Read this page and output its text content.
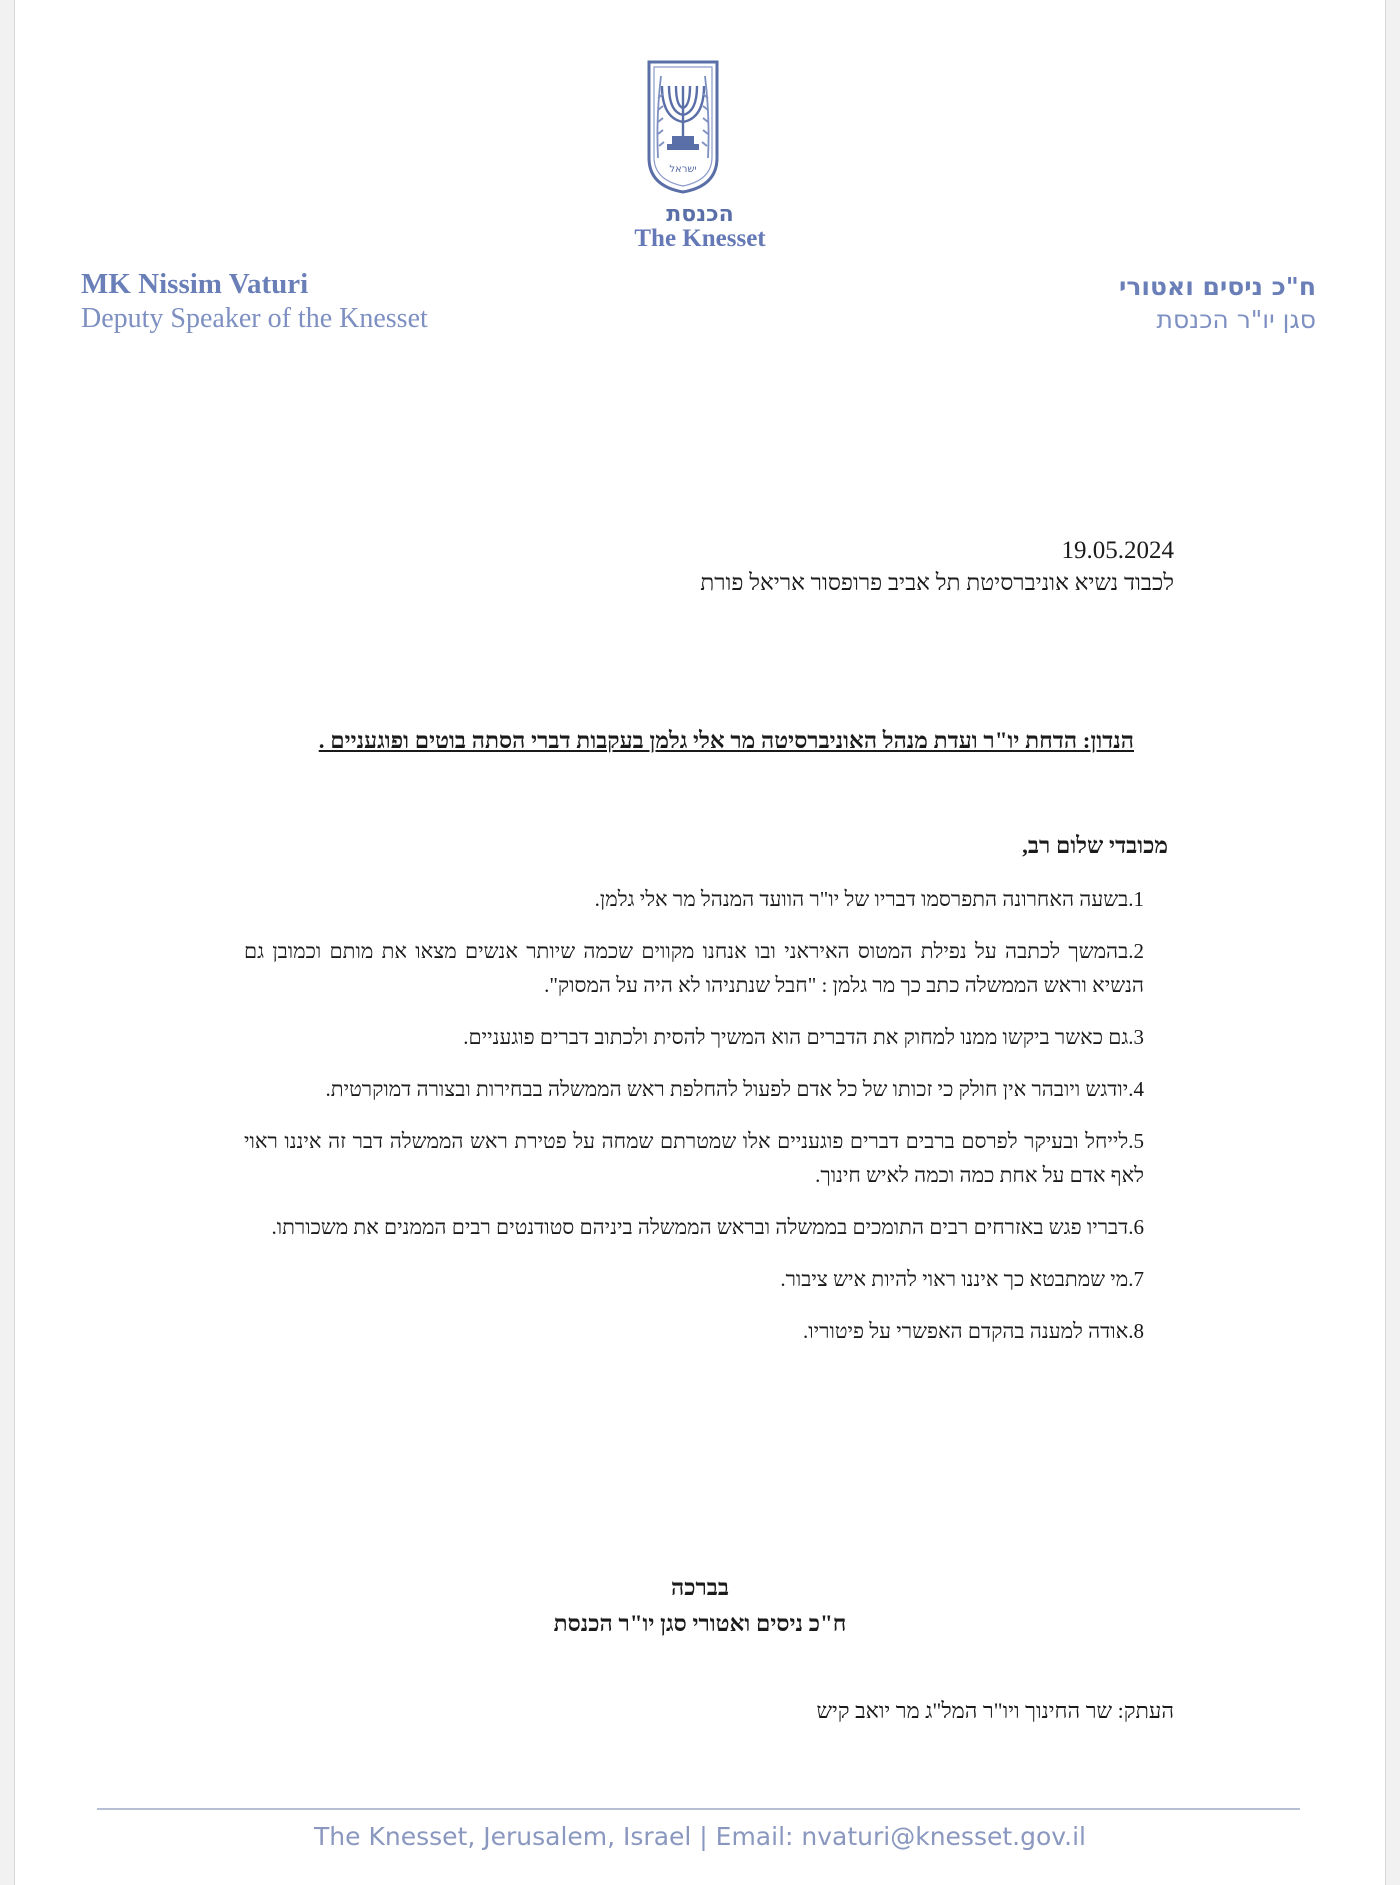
ישראל
הכנסת
The Knesset
MK Nissim Vaturi
Deputy Speaker of the Knesset
ח"כ ניסים ואטורי
סגן יו"ר הכנסת
19.05.2024
לכבוד נשיא אוניברסיטת תל אביב פרופסור אריאל פורת
הנדון: הדחת יו"ר ועדת מנהל האוניברסיטה מר אלי גלמן בעקבות דברי הסתה בוטים ופוגעניים .
מכובדי שלום רב,
1.בשעה האחרונה התפרסמו דבריו של יו"ר הוועד המנהל מר אלי גלמן.
2.בהמשך לכתבה על נפילת המטוס האיראני ובו אנחנו מקווים שכמה שיותר אנשים מצאו את מותם וכמובן גם הנשיא וראש הממשלה כתב כך מר גלמן : "חבל שנתניהו לא היה על המסוק".
3.גם כאשר ביקשו ממנו למחוק את הדברים הוא המשיך להסית ולכתוב דברים פוגעניים.
4.יודגש ויובהר אין חולק כי זכותו של כל אדם לפעול להחלפת ראש הממשלה בבחירות ובצורה דמוקרטית.
5.לייחל ובעיקר לפרסם ברבים דברים פוגעניים אלו שמטרתם שמחה על פטירת ראש הממשלה דבר זה איננו ראוי לאף אדם על אחת כמה וכמה לאיש חינוך.
6.דבריו פגש באזרחים רבים התומכים בממשלה ובראש הממשלה ביניהם סטודנטים רבים הממנים את משכורתו.
7.מי שמתבטא כך איננו ראוי להיות איש ציבור.
8.אודה למענה בהקדם האפשרי על פיטוריו.
בברכה
ח"כ ניסים ואטורי סגן יו"ר הכנסת
העתק: שר החינוך ויו"ר המל"ג מר יואב קיש
The Knesset, Jerusalem, Israel | Email: nvaturi@knesset.gov.il
